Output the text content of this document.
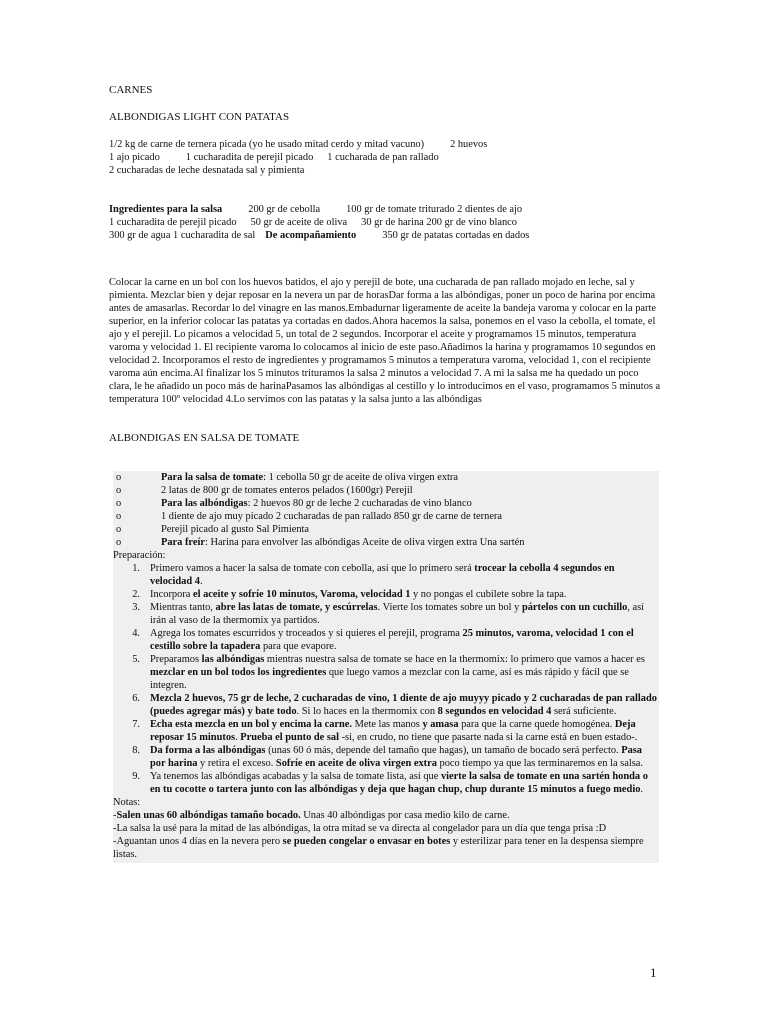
CARNES

ALBONDIGAS LIGHT CON PATATAS

1/2 kg de carne de ternera picada (yo he usado mitad cerdo y mitad vacuno)	2 huevos

1 ajo picado	1 cucharadita de perejil picado 1 cucharada de pan rallado

2 cucharadas de leche desnatada sal y pimienta

Ingredientes para la salsa	200 gr de cebolla	100 gr de tomate triturado 2 dientes de ajo

1 cucharadita de perejil picado 50 gr de aceite de oliva 30 gr de harina 200 gr de vino blanco

300 gr de agua 1 cucharadita de sal De acompañamiento	350 gr de patatas cortadas en dados

Colocar la carne en un bol con los huevos batidos, el ajo y perejil de bote, una cucharada de pan rallado mojado en leche, sal y pimienta. Mezclar bien y dejar reposar en la nevera un par de horasDar forma a las albóndigas, poner un poco de harina por encima antes de amasarlas. Recordar lo del vinagre en las manos.Embadurnar ligeramente de aceite la bandeja varoma y colocar en la parte superior, en la inferior colocar las patatas ya cortadas en dados.Ahora hacemos la salsa, ponemos en el vaso la cebolla, el tomate, el ajo y el perejil. Lo picamos a velocidad 5, un total de 2 segundos. Incorporar el aceite y programamos 15 minutos, temperatura varoma y velocidad 1. El recipiente varoma lo colocamos al inicio de este paso.Añadimos la harina y programamos 10 segundos en velocidad 2. Incorporamos el resto de ingredientes y programamos 5 minutos a temperatura varoma, velocidad 1, con el recipiente varoma aún encima.Al finalizar los 5 minutos trituramos la salsa 2 minutos a velocidad 7. A mi la salsa me ha quedado un poco clara, le he añadido un poco más de harinaPasamos las albóndigas al cestillo y lo introducimos en el vaso, programamos 5 minutos a temperatura 100º velocidad 4.Lo servimos con las patatas y la salsa junto a las albóndigas

ALBONDIGAS EN SALSA DE TOMATE

o	Para la salsa de tomate: 1 cebolla 50 gr de aceite de oliva virgen extra
o	2 latas de 800 gr de tomates enteros pelados (1600gr) Perejil
o	Para las albóndigas: 2 huevos 80 gr de leche 2 cucharadas de vino blanco
o	1 diente de ajo muy picado 2 cucharadas de pan rallado 850 gr de carne de ternera
o	Perejil picado al gusto Sal Pimienta
o	Para freír: Harina para envolver las albóndigas Aceite de oliva virgen extra Una sartén

Preparación:

1. Primero vamos a hacer la salsa de tomate con cebolla, así que lo primero será trocear la cebolla 4 segundos en velocidad 4.
2. Incorpora el aceite y sofríe 10 minutos, Varoma, velocidad 1 y no pongas el cubilete sobre la tapa.
3. Mientras tanto, abre las latas de tomate, y escúrrelas. Vierte los tomates sobre un bol y pártelos con un cuchillo, así irán al vaso de la thermomix ya partidos.
4. Agrega los tomates escurridos y troceados y si quieres el perejil, programa 25 minutos, varoma, velocidad 1 con el cestillo sobre la tapadera para que evapore.
5. Preparamos las albóndigas mientras nuestra salsa de tomate se hace en la thermomix: lo primero que vamos a hacer es mezclar en un bol todos los ingredientes que luego vamos a mezclar con la carne, así es más rápido y fácil que se integren.
6. Mezcla 2 huevos, 75 gr de leche, 2 cucharadas de vino, 1 diente de ajo muyyy picado y 2 cucharadas de pan rallado (puedes agregar más) y bate todo. Si lo haces en la thermomix con 8 segundos en velocidad 4 será suficiente.
7. Echa esta mezcla en un bol y encima la carne. Mete las manos y amasa para que la carne quede homogénea. Deja reposar 15 minutos. Prueba el punto de sal -si, en crudo, no tiene que pasarte nada si la carne está en buen estado-.
8. Da forma a las albóndigas (unas 60 ó más, depende del tamaño que hagas), un tamaño de bocado será perfecto. Pasa por harina y retira el exceso. Sofríe en aceite de oliva virgen extra poco tiempo ya que las terminaremos en la salsa.
9. Ya tenemos las albóndigas acabadas y la salsa de tomate lista, así que vierte la salsa de tomate en una sartén honda o en tu cocotte o tartera junto con las albóndigas y deja que hagan chup, chup durante 15 minutos a fuego medio.

Notas:

-Salen unas 60 albóndigas tamaño bocado. Unas 40 albóndigas por casa medio kilo de carne.

-La salsa la usé para la mitad de las albóndigas, la otra mitad se va directa al congelador para un día que tenga prisa :D

-Aguantan unos 4 días en la nevera pero se pueden congelar o envasar en botes y esterilizar para tener en la despensa siempre listas.

1
